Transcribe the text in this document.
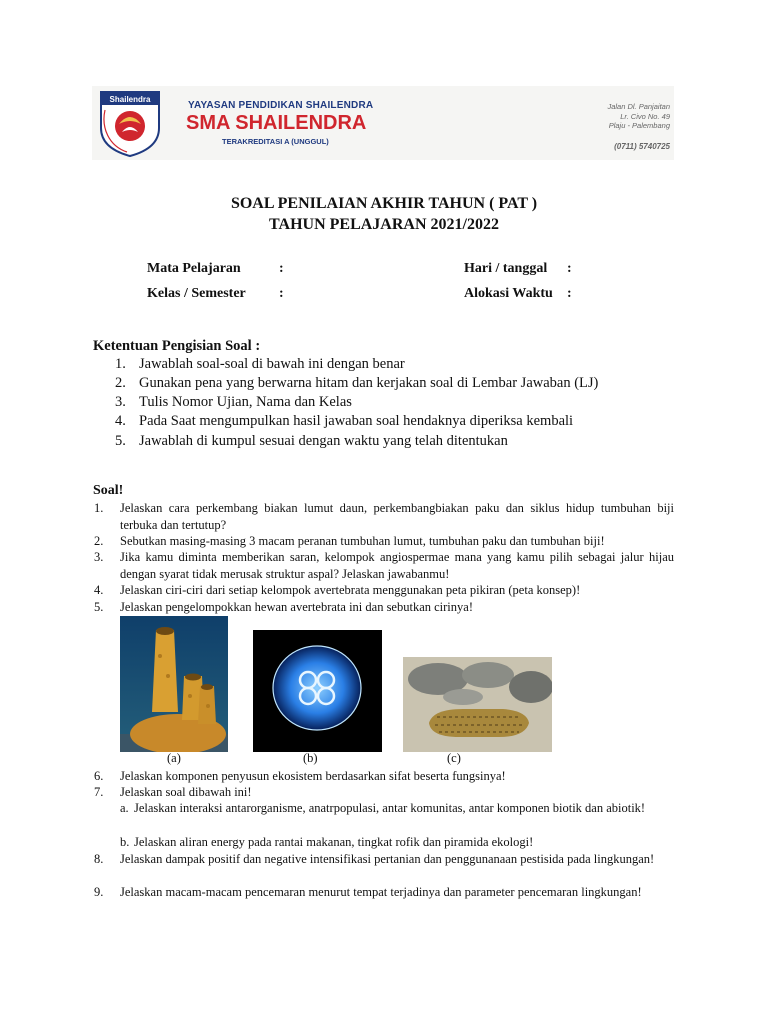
Shailendra
YAYASAN PENDIDIKAN SHAILENDRA
SMA SHAILENDRA
TERAKREDITASI A (UNGGUL)
Jalan Dl. Panjaitan
Lr. Civo No. 49
Plaju - Palembang
(0711) 5740725
SOAL PENILAIAN AKHIR TAHUN ( PAT )
TAHUN PELAJARAN 2021/2022
Mata Pelajaran	:
Kelas / Semester :
Hari / tanggal :
Alokasi Waktu :
Ketentuan Pengisian Soal :
1. Jawablah soal-soal di bawah ini dengan benar
2. Gunakan pena yang berwarna hitam dan kerjakan soal di Lembar Jawaban (LJ)
3. Tulis Nomor Ujian, Nama dan Kelas
4. Pada Saat mengumpulkan hasil jawaban soal hendaknya diperiksa kembali
5. Jawablah di kumpul sesuai dengan waktu yang telah ditentukan
Soal!
1.	Jelaskan cara perkembang biakan lumut daun, perkembangbiakan paku dan siklus hidup tumbuhan biji terbuka dan tertutup?
2.	Sebutkan masing-masing 3 macam peranan tumbuhan lumut, tumbuhan paku dan tumbuhan biji!
3.	Jika kamu diminta memberikan saran, kelompok angiospermae mana yang kamu pilih sebagai jalur hijau dengan syarat tidak merusak struktur aspal? Jelaskan jawabanmu!
4.	Jelaskan ciri-ciri dari setiap kelompok avertebrata menggunakan peta pikiran (peta konsep)!
5.	Jelaskan pengelompokkan hewan avertebrata ini dan sebutkan cirinya!
(a)	(b)	(c)
6.	Jelaskan komponen penyusun ekosistem berdasarkan sifat beserta fungsinya!
7.	Jelaskan soal dibawah ini!
a. Jelaskan interaksi antarorganisme, anatrpopulasi, antar komunitas, antar komponen biotik dan abiotik!
b. Jelaskan aliran energy pada rantai makanan, tingkat rofik dan piramida ekologi!
8.	Jelaskan dampak positif dan negative intensifikasi pertanian dan penggunanaan pestisida pada lingkungan!
9.	Jelaskan macam-macam pencemaran menurut tempat terjadinya dan parameter pencemaran lingkungan!
